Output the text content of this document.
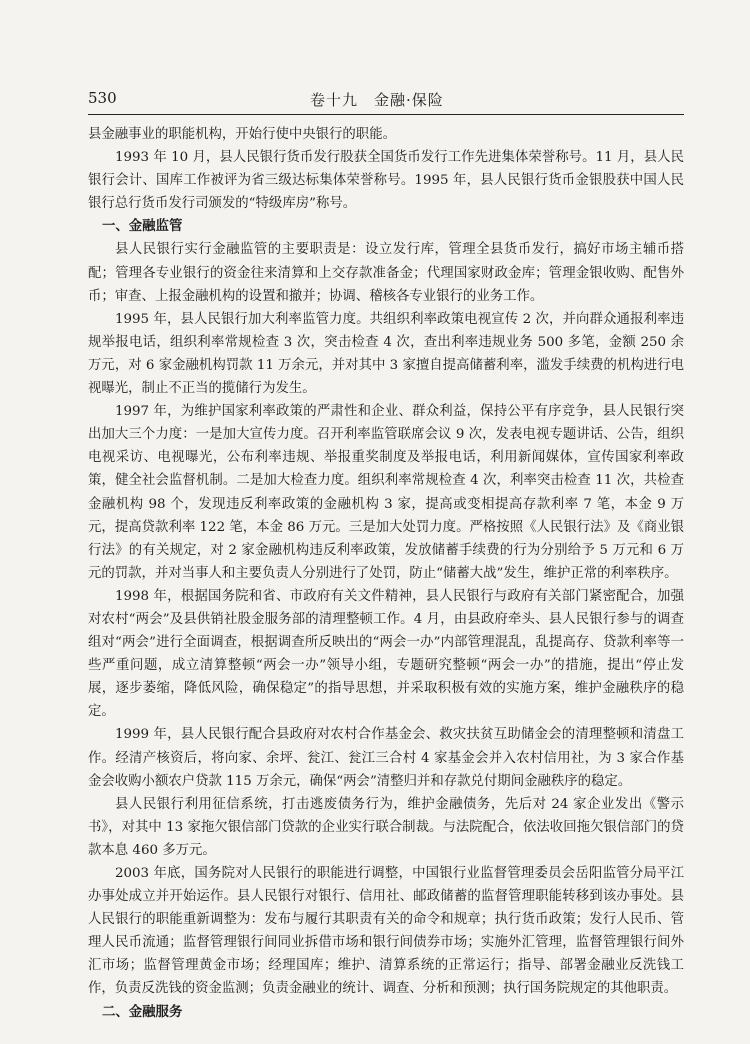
530	卷十九　金融·保险

县金融事业的职能机构，开始行使中央银行的职能。

1993 年 10 月，县人民银行货币发行股获全国货币发行工作先进集体荣誉称号。11 月，县人民银行会计、国库工作被评为省三级达标集体荣誉称号。1995 年，县人民银行货币金银股获中国人民银行总行货币发行司颁发的“特级库房”称号。

一、金融监管

县人民银行实行金融监管的主要职责是：设立发行库，管理全县货币发行，搞好市场主辅币搭配；管理各专业银行的资金往来清算和上交存款准备金；代理国家财政金库；管理金银收购、配售外币；审查、上报金融机构的设置和撤并；协调、稽核各专业银行的业务工作。

1995 年，县人民银行加大利率监管力度。共组织利率政策电视宣传 2 次，并向群众通报利率违规举报电话，组织利率常规检查 3 次，突击检查 4 次，查出利率违规业务 500 多笔，金额 250 余万元，对 6 家金融机构罚款 11 万余元，并对其中 3 家擅自提高储蓄利率，滥发手续费的机构进行电视曝光，制止不正当的揽储行为发生。

1997 年，为维护国家利率政策的严肃性和企业、群众利益，保持公平有序竞争，县人民银行突出加大三个力度：一是加大宣传力度。召开利率监管联席会议 9 次，发表电视专题讲话、公告，组织电视采访、电视曝光，公布利率违规、举报重奖制度及举报电话，利用新闻媒体，宣传国家利率政策，健全社会监督机制。二是加大检查力度。组织利率常规检查 4 次，利率突击检查 11 次，共检查金融机构 98 个，发现违反利率政策的金融机构 3 家，提高或变相提高存款利率 7 笔，本金 9 万元，提高贷款利率 122 笔，本金 86 万元。三是加大处罚力度。严格按照《人民银行法》及《商业银行法》的有关规定，对 2 家金融机构违反利率政策，发放储蓄手续费的行为分别给予 5 万元和 6 万元的罚款，并对当事人和主要负责人分别进行了处罚，防止“储蓄大战”发生，维护正常的利率秩序。

1998 年，根据国务院和省、市政府有关文件精神，县人民银行与政府有关部门紧密配合，加强对农村“两会”及县供销社股金服务部的清理整顿工作。4 月，由县政府牵头、县人民银行参与的调查组对“两会”进行全面调查，根据调查所反映出的“两会一办”内部管理混乱，乱提高存、贷款利率等一些严重问题，成立清算整顿“两会一办”领导小组，专题研究整顿“两会一办”的措施，提出“停止发展，逐步萎缩，降低风险，确保稳定”的指导思想，并采取积极有效的实施方案，维护金融秩序的稳定。

1999 年，县人民银行配合县政府对农村合作基金会、救灾扶贫互助储金会的清理整顿和清盘工作。经清产核资后，将向家、余坪、瓮江、瓮江三合村 4 家基金会并入农村信用社，为 3 家合作基金会收购小额农户贷款 115 万余元，确保“两会”清整归并和存款兑付期间金融秩序的稳定。

县人民银行利用征信系统，打击逃废债务行为，维护金融债务，先后对 24 家企业发出《警示书》，对其中 13 家拖欠银信部门贷款的企业实行联合制裁。与法院配合，依法收回拖欠银信部门的贷款本息 460 多万元。

2003 年底，国务院对人民银行的职能进行调整，中国银行业监督管理委员会岳阳监管分局平江办事处成立并开始运作。县人民银行对银行、信用社、邮政储蓄的监督管理职能转移到该办事处。县人民银行的职能重新调整为：发布与履行其职责有关的命令和规章；执行货币政策；发行人民币、管理人民币流通；监督管理银行间同业拆借市场和银行间债券市场；实施外汇管理，监督管理银行间外汇市场；监督管理黄金市场；经理国库；维护、清算系统的正常运行；指导、部署金融业反洗钱工作，负责反洗钱的资金监测；负责金融业的统计、调查、分析和预测；执行国务院规定的其他职责。

二、金融服务
